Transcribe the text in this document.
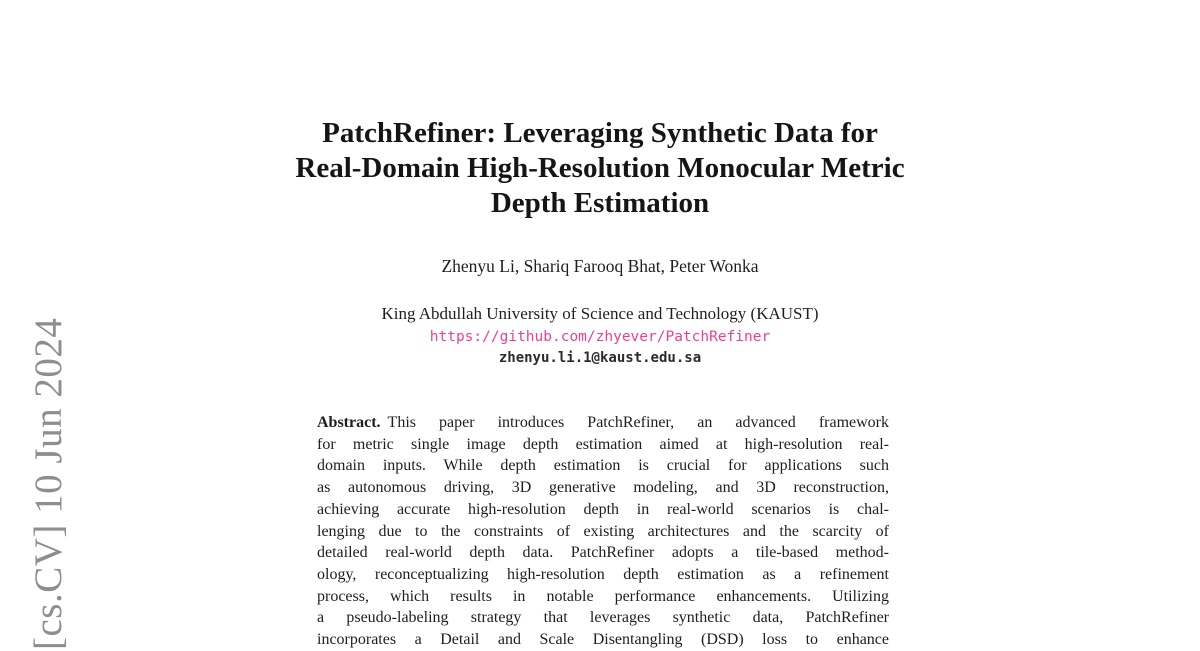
[cs.CV] 10 Jun 2024
PatchRefiner: Leveraging Synthetic Data for
Real-Domain High-Resolution Monocular Metric
Depth Estimation
Zhenyu Li, Shariq Farooq Bhat, Peter Wonka
King Abdullah University of Science and Technology (KAUST)
https://github.com/zhyever/PatchRefiner
zhenyu.li.1@kaust.edu.sa
Abstract. This paper introduces PatchRefiner, an advanced framework
for metric single image depth estimation aimed at high-resolution real-
domain inputs. While depth estimation is crucial for applications such
as autonomous driving, 3D generative modeling, and 3D reconstruction,
achieving accurate high-resolution depth in real-world scenarios is chal-
lenging due to the constraints of existing architectures and the scarcity of
detailed real-world depth data. PatchRefiner adopts a tile-based method-
ology, reconceptualizing high-resolution depth estimation as a refinement
process, which results in notable performance enhancements. Utilizing
a pseudo-labeling strategy that leverages synthetic data, PatchRefiner
incorporates a Detail and Scale Disentangling (DSD) loss to enhance
